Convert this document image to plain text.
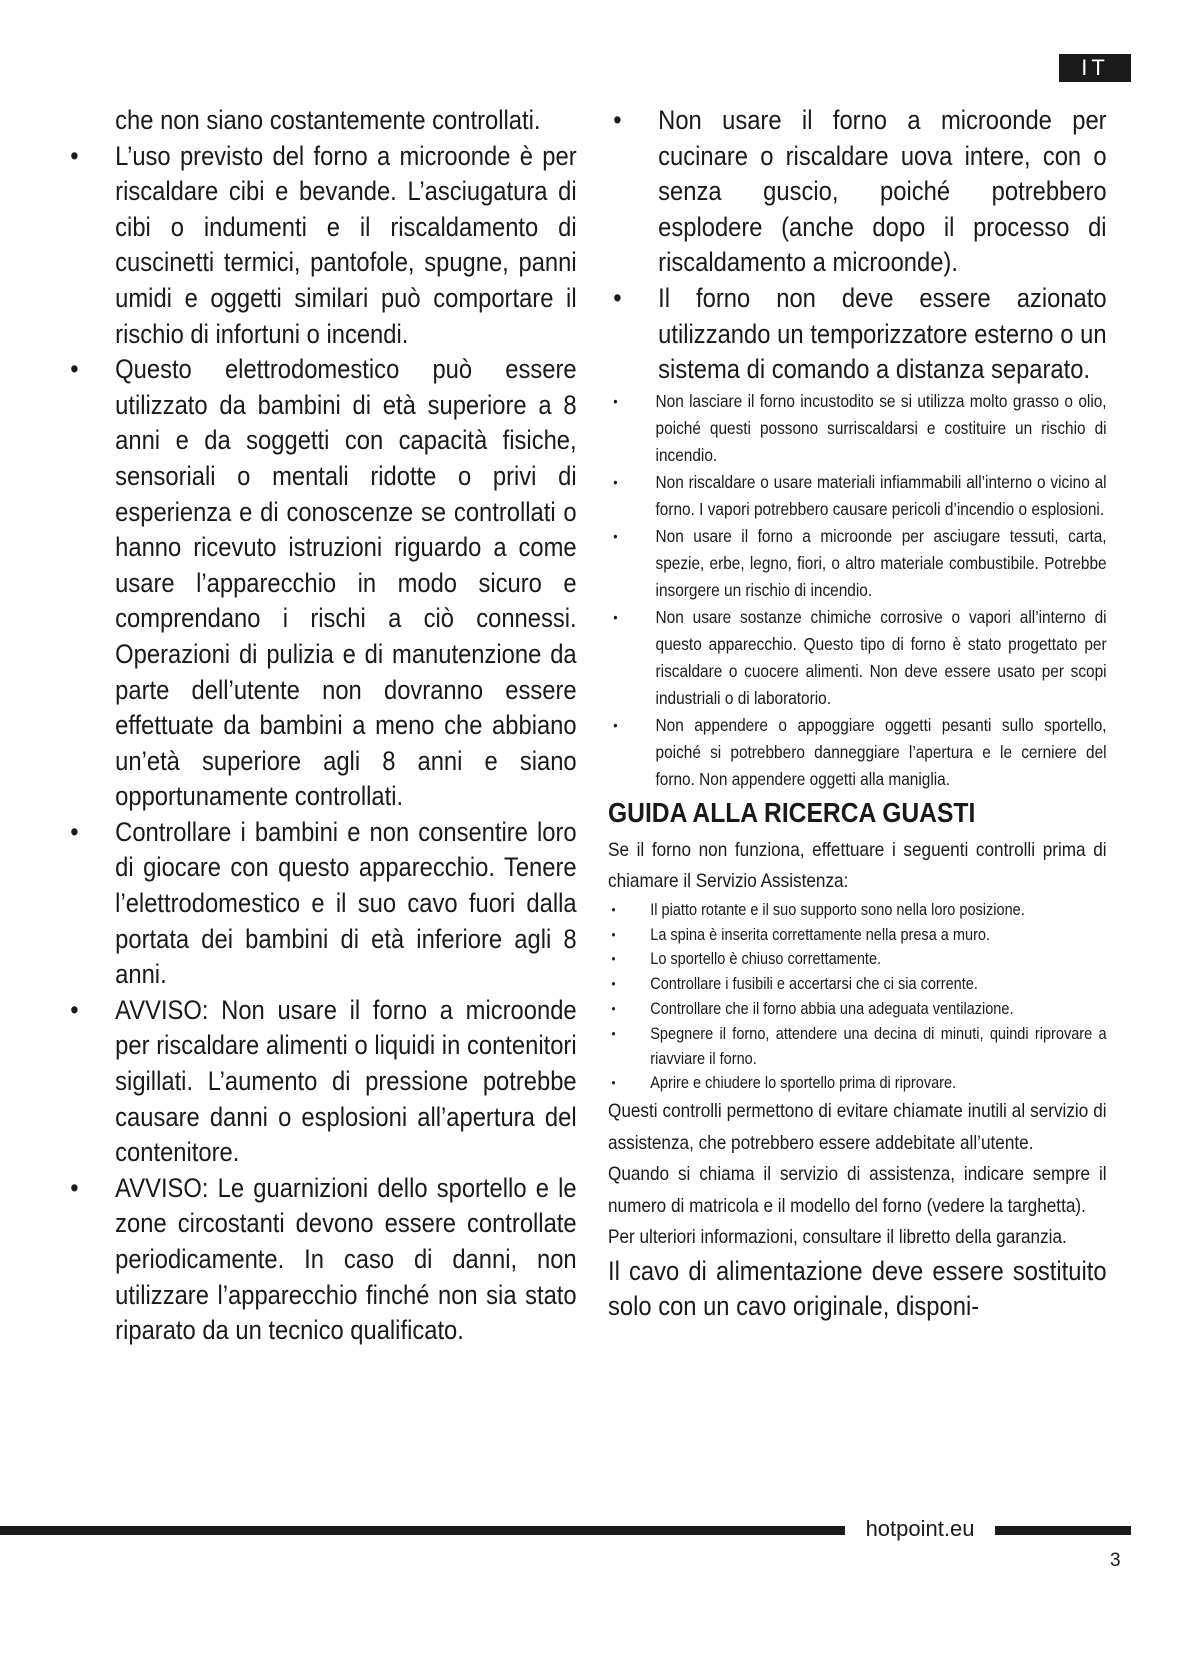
IT

che non siano costantemente controllati.

• L’uso previsto del forno a microonde è per riscaldare cibi e bevande. L’asciugatura di cibi o indumenti e il riscaldamento di cuscinetti termici, pantofole, spugne, panni umidi e oggetti similari può comportare il rischio di infortuni o incendi.
• Questo elettrodomestico può essere utilizzato da bambini di età superiore a 8 anni e da soggetti con capacità fisiche, sensoriali o mentali ridotte o privi di esperienza e di conoscenze se controllati o hanno ricevuto istruzioni riguardo a come usare l’apparecchio in modo sicuro e comprendano i rischi a ciò connessi. Operazioni di pulizia e di manutenzione da parte dell’utente non dovranno essere effettuate da bambini a meno che abbiano un’età superiore agli 8 anni e siano opportunamente controllati.
• Controllare i bambini e non consentire loro di giocare con questo apparecchio. Tenere l’elettrodomestico e il suo cavo fuori dalla portata dei bambini di età inferiore agli 8 anni.
• AVVISO: Non usare il forno a microonde per riscaldare alimenti o liquidi in contenitori sigillati. L’aumento di pressione potrebbe causare danni o esplosioni all’apertura del contenitore.
• AVVISO: Le guarnizioni dello sportello e le zone circostanti devono essere controllate periodicamente. In caso di danni, non utilizzare l’apparecchio finché non sia stato riparato da un tecnico qualificato.
• Non usare il forno a microonde per cucinare o riscaldare uova intere, con o senza guscio, poiché potrebbero esplodere (anche dopo il processo di riscaldamento a microonde).
• Il forno non deve essere azionato utilizzando un temporizzatore esterno o un sistema di comando a distanza separato.
• Non lasciare il forno incustodito se si utilizza molto grasso o olio, poiché questi possono surriscaldarsi e costituire un rischio di incendio.
• Non riscaldare o usare materiali infiammabili all’interno o vicino al forno. I vapori potrebbero causare pericoli d’incendio o esplosioni.
• Non usare il forno a microonde per asciugare tessuti, carta, spezie, erbe, legno, fiori, o altro materiale combustibile. Potrebbe insorgere un rischio di incendio.
• Non usare sostanze chimiche corrosive o vapori all’interno di questo apparecchio. Questo tipo di forno è stato progettato per riscaldare o cuocere alimenti. Non deve essere usato per scopi industriali o di laboratorio.
• Non appendere o appoggiare oggetti pesanti sullo sportello, poiché si potrebbero danneggiare l’apertura e le cerniere del forno. Non appendere oggetti alla maniglia.
GUIDA ALLA RICERCA GUASTI

Se il forno non funziona, effettuare i seguenti controlli prima di chiamare il Servizio Assistenza:

• Il piatto rotante e il suo supporto sono nella loro posizione.
• La spina è inserita correttamente nella presa a muro.
• Lo sportello è chiuso correttamente.
• Controllare i fusibili e accertarsi che ci sia corrente.
• Controllare che il forno abbia una adeguata ventilazione.
• Spegnere il forno, attendere una decina di minuti, quindi riprovare a riavviare il forno.
• Aprire e chiudere lo sportello prima di riprovare.

Questi controlli permettono di evitare chiamate inutili al servizio di assistenza, che potrebbero essere addebitate all’utente.

Quando si chiama il servizio di assistenza, indicare sempre il numero di matricola e il modello del forno (vedere la targhetta).

Per ulteriori informazioni, consultare il libretto della garanzia.

Il cavo di alimentazione deve essere sostituito solo con un cavo originale, disponi-

hotpoint.eu
3
